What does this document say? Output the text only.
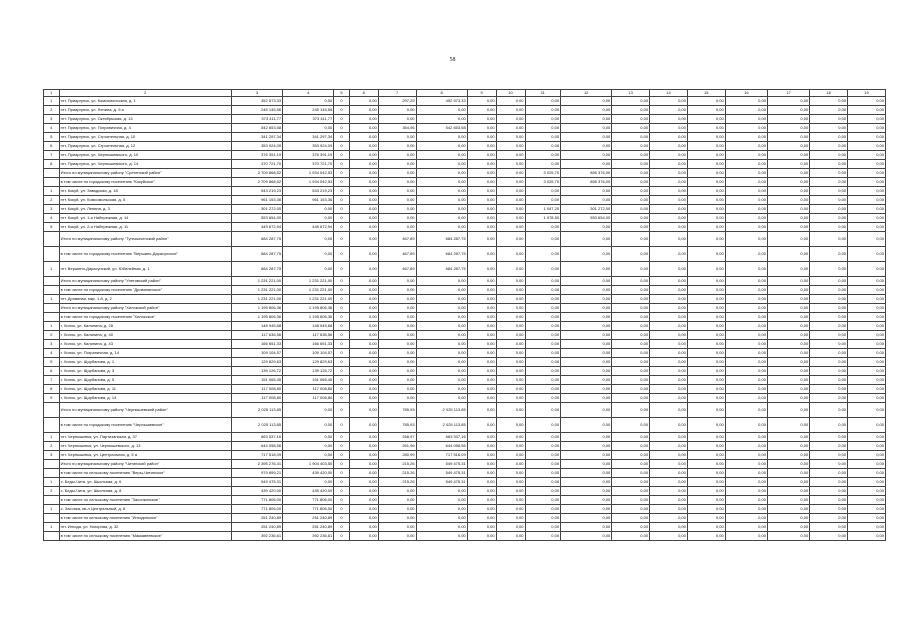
58
1	2	3	4	5	6	7	8	9	10	11	12	13	14	15	16	17	18	19
1	пгт. Приаргунск, ул. Комсомольская, д. 1	452 573,33	0,00	0	0,00	297,29	452 573,33	0,00	0,00	0,00	0,00	0,00	0,00	0,00	0,00	0,00	0,00	0,00
2	пгт. Приаргунск, ул. Ленина, д. 9 а	245 145,56	245 145,56	0	0,00	0,00	0,00	0,00	0,00	0,00	0,00	0,00	0,00	0,00	0,00	0,00	0,00	0,00
3	пгт. Приаргунск, ул. Октябрьская, д. 13	373 411,77	373 411,77	0	0,00	0,00	0,00	0,00	0,00	0,00	0,00	0,00	0,00	0,00	0,00	0,00	0,00	0,00
4	пгт. Приаргунск, ул. Пограничная, д. 4	542 653,58	0,00	0	0,00	354,96	542 653,58	0,00	0,00	0,00	0,00	0,00	0,00	0,00	0,00	0,00	0,00	0,00
5	пгт. Приаргунск, ул. Строительная, д. 10	341 297,34	341 297,34	0	0,00	0,00	0,00	0,00	0,00	0,00	0,00	0,00	0,00	0,00	0,00	0,00	0,00	0,00
6	пгт. Приаргунск, ул. Строительная, д. 12	353 924,09	353 924,09	0	0,00	0,00	0,00	0,00	0,00	0,00	0,00	0,00	0,00	0,00	0,00	0,00	0,00	0,00
7	пгт. Приаргунск, ул. Чернышевского, д. 10	376 391,19	376 391,19	0	0,00	0,00	0,00	0,00	0,00	0,00	0,00	0,00	0,00	0,00	0,00	0,00	0,00	0,00
8	пгт. Приаргунск, ул. Чернышевского, д. 14	370 721,70	370 721,70	0	0,00	0,00	0,00	0,00	0,00	0,00	0,00	0,00	0,00	0,00	0,00	0,00	0,00	0,00
	Итого по муниципальному району "Сретенский район"	2 709 868,52	1 934 042,53	0	0,00	0,00	0,00	0,00	0,00	3 025,70	855 376,00	0,00	0,00	0,00	0,00	0,00	0,00	0,00
	в том числе по городскому поселению "Кокуйское"	2 709 868,52	1 934 042,53	0	0,00	0,00	0,00	0,00	0,00	3 025,70	855 376,00	0,00	0,00	0,00	0,00	0,00	0,00	0,00
1	пгт. Кокуй, ул. Заводская, д. 18	543 219,23	543 219,23	0	0,00	0,00	0,00	0,00	0,00	0,00	0,00	0,00	0,00	0,00	0,00	0,00	0,00	0,00
2	пгт. Кокуй, ул. Комсомольская, д. 5	961 153,36	961 153,36	0	0,00	0,00	0,00	0,00	0,00	0,00	0,00	0,00	0,00	0,00	0,00	0,00	0,00	0,00
3	пгт. Кокуй, ул. Ленина, д. 3	301 272,00	0,00	0	0,00	0,00	0,00	0,00	0,00	1 047,20	301 272,00	0,00	0,00	0,00	0,00	0,00	0,00	0,00
4	пгт. Кокуй, ул. 1-я Набережная, д. 14	553 654,00	0,00	0	0,00	0,00	0,00	0,00	0,00	1 978,50	553 654,00	0,00	0,00	0,00	0,00	0,00	0,00	0,00
5	пгт. Кокуй, ул. 2-я Набережная, д. 11	449 672,94	449 672,94	0	0,00	0,00	0,00	0,00	0,00	0,00	0,00	0,00	0,00	0,00	0,00	0,00	0,00	0,00
	Итого по муниципальному району "Тунгокоченский район"	684 287,75	0,00	0	0,00	467,89	684 287,75	0,00	0,00	0,00	0,00	0,00	0,00	0,00	0,00	0,00	0,00	0,00
	в том числе по городскому поселению "Вершино-Дарасунское"	684 287,75	0,00	0	0,00	467,89	684 287,75	0,00	0,00	0,00	0,00	0,00	0,00	0,00	0,00	0,00	0,00	0,00
1	пгт. Вершино-Дарасунский, ул. Юбилейная, д. 1	684 287,75	0,00	0	0,00	467,89	684 287,75	0,00	0,00	0,00	0,00	0,00	0,00	0,00	0,00	0,00	0,00	0,00
	Итого по муниципальному району "Улетовский район"	1 231 221,00	1 231 221,00	0	0,00	0,00	0,00	0,00	0,00	0,00	0,00	0,00	0,00	0,00	0,00	0,00	0,00	0,00
	в том числе по городскому поселению "Дровянинское"	1 231 221,00	1 231 221,00	0	0,00	0,00	0,00	0,00	0,00	0,00	0,00	0,00	0,00	0,00	0,00	0,00	0,00	0,00
1	пгт. Дровяная, мкр. 1-й, д. 2	1 231 221,00	1 231 221,00	0	0,00	0,00	0,00	0,00	0,00	0,00	0,00	0,00	0,00	0,00	0,00	0,00	0,00	0,00
	Итого по муниципальному району "Хилокский район"	1 195 806,36	1 195 806,36	0	0,00	0,00	0,00	0,00	0,00	0,00	0,00	0,00	0,00	0,00	0,00	0,00	0,00	0,00
	в том числе по городскому поселению "Хилокское"	1 195 806,36	1 195 806,36	0	0,00	0,00	0,00	0,00	0,00	0,00	0,00	0,00	0,00	0,00	0,00	0,00	0,00	0,00
1	г. Хилок, ул. Калинина, д. 28	148 945,68	148 945,68	0	0,00	0,00	0,00	0,00	0,00	0,00	0,00	0,00	0,00	0,00	0,00	0,00	0,00	0,00
2	г. Хилок, ул. Калинина, д. 40	117 636,56	117 636,56	0	0,00	0,00	0,00	0,00	0,00	0,00	0,00	0,00	0,00	0,00	0,00	0,00	0,00	0,00
3	г. Хилок, ул. Калинина, д. 43	166 651,33	166 651,33	0	0,00	0,00	0,00	0,00	0,00	0,00	0,00	0,00	0,00	0,00	0,00	0,00	0,00	0,00
4	г. Хилок, ул. Пограничная, д. 14	109 104,57	109 104,57	0	0,00	0,00	0,00	0,00	0,00	0,00	0,00	0,00	0,00	0,00	0,00	0,00	0,00	0,00
5	г. Хилок, ул. Щорбанова, д. 1	129 829,63	129 829,63	0	0,00	0,00	0,00	0,00	0,00	0,00	0,00	0,00	0,00	0,00	0,00	0,00	0,00	0,00
6	г. Хилок, ул. Щорбанова, д. 3	139 126,72	139 126,72	0	0,00	0,00	0,00	0,00	0,00	0,00	0,00	0,00	0,00	0,00	0,00	0,00	0,00	0,00
7	г. Хилок, ул. Щорбанова, д. 5	151 065,45	151 065,45	0	0,00	0,00	0,00	0,00	0,00	0,00	0,00	0,00	0,00	0,00	0,00	0,00	0,00	0,00
8	г. Хилок, ул. Щорбанова, д. 11	117 008,80	117 008,80	0	0,00	0,00	0,00	0,00	0,00	0,00	0,00	0,00	0,00	0,00	0,00	0,00	0,00	0,00
9	г. Хилок, ул. Щорбанова, д. 14	117 008,80	117 008,80	0	0,00	0,00	0,00	0,00	0,00	0,00	0,00	0,00	0,00	0,00	0,00	0,00	0,00	0,00
	Итого по муниципальному району "Чернышевский район"	2 025 113,85	0,00	0	0,00	785,93	2 025 113,85	0,00	0,00	0,00	0,00	0,00	0,00	0,00	0,00	0,00	0,00	0,00
	в том числе по городскому поселению "Чернышевское"	2 025 113,85	0,00	0	0,00	785,93	2 025 113,85	0,00	0,00	0,00	0,00	0,00	0,00	0,00	0,00	0,00	0,00	0,00
1	пгт. Чернышевск, ул. Партизанская, д. 37	663 537,16	0,00	0	0,00	258,97	663 537,16	0,00	0,00	0,00	0,00	0,00	0,00	0,00	0,00	0,00	0,00	0,00
2	пгт. Чернышевск, ул. Чернышевского, д. 13	644 058,56	0,00	0	0,00	251,96	644 058,56	0,00	0,00	0,00	0,00	0,00	0,00	0,00	0,00	0,00	0,00	0,00
3	пгт. Чернышевск, ул. Центральная, д. 5 а	717 518,09	0,00	0	0,00	280,99	717 518,09	0,00	0,00	0,00	0,00	0,00	0,00	0,00	0,00	0,00	0,00	0,00
	Итого по муниципальному району "Читинский район"	2 395 276,41	1 904 403,50	0	0,00	215,26	549 475,31	0,00	0,00	0,00	0,00	0,00	0,00	0,00	0,00	0,00	0,00	0,00
	в том числе по сельскому поселению "Веры-Читинское"	979 899,21	439 420,00	0	0,00	215,26	549 475,31	0,00	0,00	0,00	0,00	0,00	0,00	0,00	0,00	0,00	0,00	0,00
1	с. Беды-Чита, ул. Школьная, д. 6	549 475,31	0,00	0	0,00	215,26	549 475,31	0,00	0,00	0,00	0,00	0,00	0,00	0,00	0,00	0,00	0,00	0,00
2	с. Беды-Чита, ул. Школьная, д. 8	439 420,00	439 420,00	0	0,00	0,00	0,00	0,00	0,00	0,00	0,00	0,00	0,00	0,00	0,00	0,00	0,00	0,00
	в том числе по сельскому поселению "Засопкинское"	771 806,00	771 806,00	0	0,00	0,00	0,00	0,00	0,00	0,00	0,00	0,00	0,00	0,00	0,00	0,00	0,00	0,00
1	с. Засопка, кв-л Центральный, д. 8	771 806,00	771 806,00	0	0,00	0,00	0,00	0,00	0,00	0,00	0,00	0,00	0,00	0,00	0,00	0,00	0,00	0,00
	в том числе по сельскому поселению "Ингодинское"	251 240,89	251 240,89	0	0,00	0,00	0,00	0,00	0,00	0,00	0,00	0,00	0,00	0,00	0,00	0,00	0,00	0,00
1	пгт. Ингода, ул. Нагорная, д. 32	251 240,89	251 240,89	0	0,00	0,00	0,00	0,00	0,00	0,00	0,00	0,00	0,00	0,00	0,00	0,00	0,00	0,00
	в том числе по сельскому поселению "Маккавеевское"	392 236,61	392 236,61	0	0,00	0,00	0,00	0,00	0,00	0,00	0,00	0,00	0,00	0,00	0,00	0,00	0,00	0,00
